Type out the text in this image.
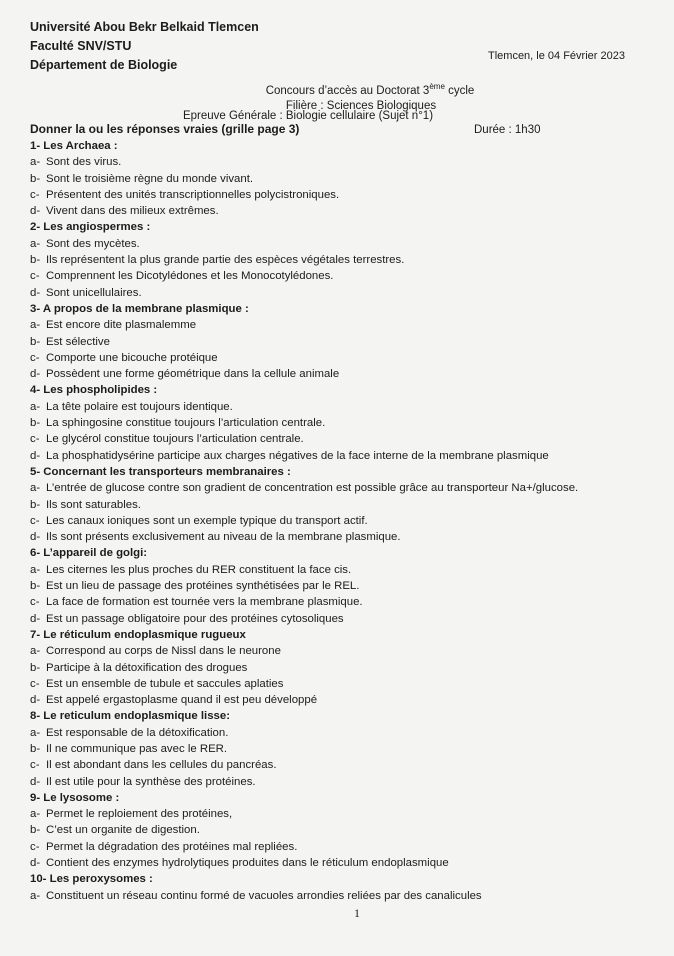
Université Abou Bekr Belkaid Tlemcen
Faculté SNV/STU
Département de Biologie
Tlemcen, le 04 Février 2023
Concours d’accès au Doctorat 3ème cycle
Filière : Sciences Biologiques
Epreuve Générale : Biologie cellulaire (Sujet n°1)
Durée : 1h30
Donner la ou les réponses vraies (grille page 3)
1- Les Archaea :
a- Sont des virus.
b- Sont le troisième règne du monde vivant.
c- Présentent des unités transcriptionnelles polycistroniques.
d- Vivent dans des milieux extrêmes.
2- Les angiospermes :
a- Sont des mycètes.
b- Ils représentent la plus grande partie des espèces végétales terrestres.
c- Comprennent les Dicotylédones et les Monocotylédones.
d- Sont unicellulaires.
3- A propos de la membrane plasmique :
a- Est encore dite plasmalemme
b- Est sélective
c- Comporte une bicouche protéique
d- Possèdent une forme géométrique dans la cellule animale
4- Les phospholipides :
a- La tête polaire est toujours identique.
b- La sphingosine constitue toujours l’articulation centrale.
c- Le glycérol constitue toujours l’articulation centrale.
d- La phosphatidysérine participe aux charges négatives de la face interne de la membrane plasmique
5- Concernant les transporteurs membranaires :
a- L’entrée de glucose contre son gradient de concentration est possible grâce au transporteur Na+/glucose.
b- Ils sont saturables.
c- Les canaux ioniques sont un exemple typique du transport actif.
d- Ils sont présents exclusivement au niveau de la membrane plasmique.
6- L’appareil de golgi:
a- Les citernes les plus proches du RER constituent la face cis.
b- Est un lieu de passage des protéines synthétisées par le REL.
c- La face de formation est tournée vers la membrane plasmique.
d- Est un passage obligatoire pour des protéines cytosoliques
7- Le réticulum endoplasmique rugueux
a- Correspond au corps de Nissl dans le neurone
b- Participe à la détoxification des drogues
c- Est un ensemble de tubule et saccules aplaties
d- Est appelé ergastoplasme quand il est peu développé
8- Le reticulum endoplasmique lisse:
a- Est responsable de la détoxification.
b- Il ne communique pas avec le RER.
c- Il est abondant dans les cellules du pancréas.
d- Il est utile pour la synthèse des protéines.
9- Le lysosome :
a- Permet le reploiement des protéines,
b- C’est un organite de digestion.
c- Permet la dégradation des protéines mal repliées.
d- Contient des enzymes hydrolytiques produites dans le réticulum endoplasmique
10- Les peroxysomes :
a- Constituent un réseau continu formé de vacuoles arrondies reliées par des canalicules
1
